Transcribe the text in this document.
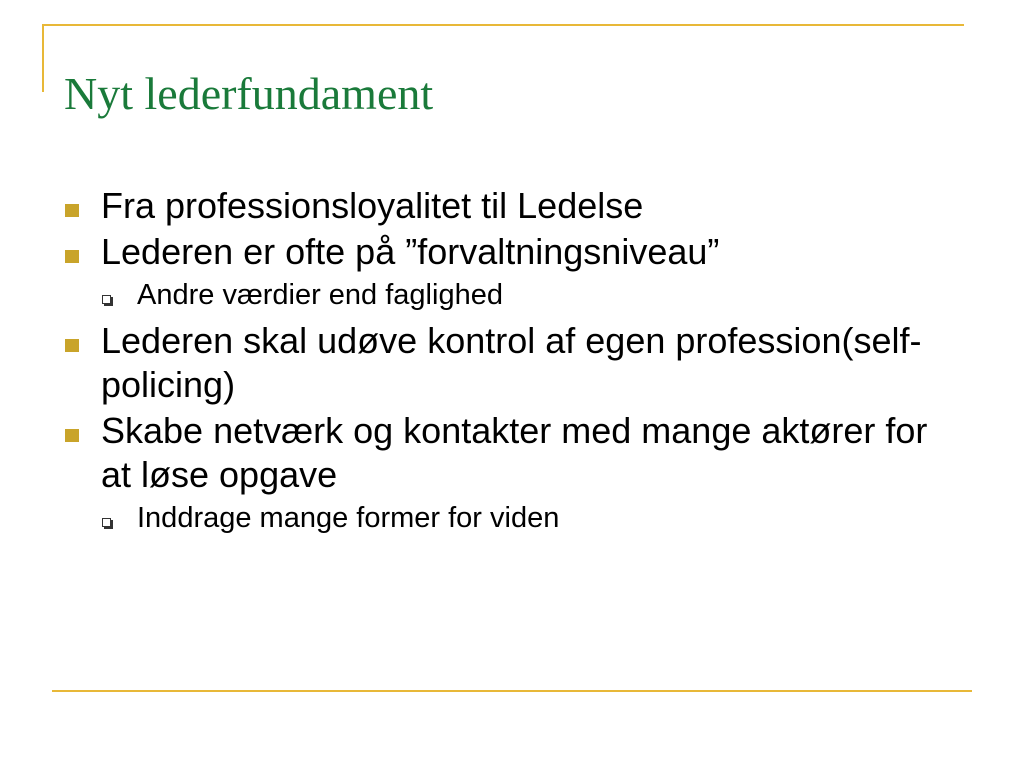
Nyt lederfundament
Fra professionsloyalitet til Ledelse
Lederen er ofte på ”forvaltningsniveau”
Andre værdier end faglighed
Lederen skal udøve kontrol af egen profession(self-policing)
Skabe netværk og kontakter med mange aktører for at løse opgave
Inddrage mange former for viden
